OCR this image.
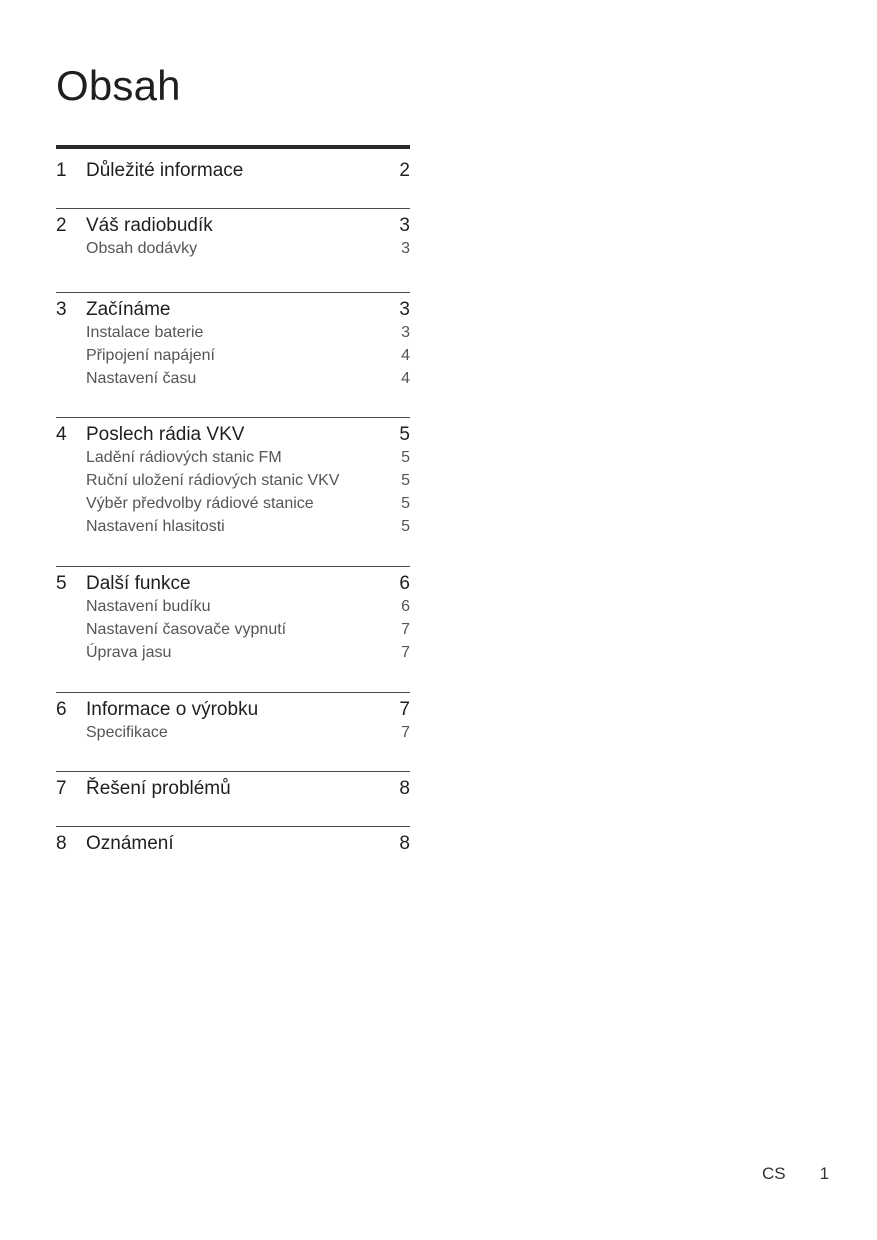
Obsah
1	Důležité informace	2
2	Váš radiobudík	3
Obsah dodávky	3
3	Začínáme	3
Instalace baterie	3
Připojení napájení	4
Nastavení času	4
4	Poslech rádia VKV	5
Ladění rádiových stanic FM	5
Ruční uložení rádiových stanic VKV	5
Výběr předvolby rádiové stanice	5
Nastavení hlasitosti	5
5	Další funkce	6
Nastavení budíku	6
Nastavení časovače vypnutí	7
Úprava jasu	7
6	Informace o výrobku	7
Specifikace	7
7	Řešení problémů	8
8	Oznámení	8
CS 1
